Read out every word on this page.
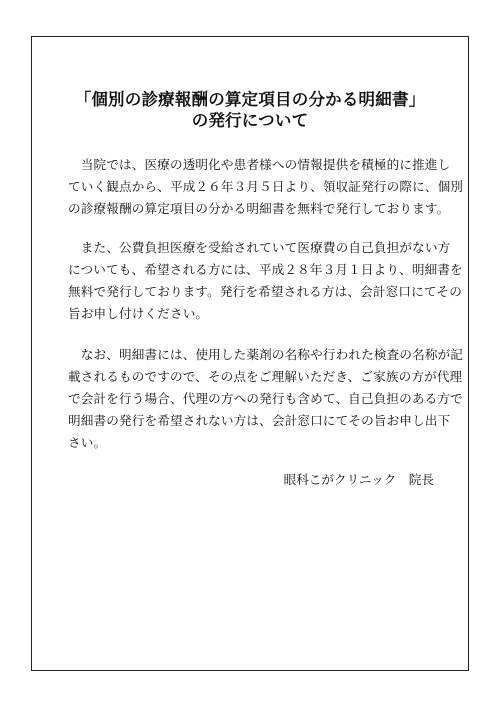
「個別の診療報酬の算定項目の分かる明細書」
の発行について
　当院では、医療の透明化や患者様への情報提供を積極的に推進し
ていく観点から、平成２６年３月５日より、領収証発行の際に、個別
の診療報酬の算定項目の分かる明細書を無料で発行しております。
　また、公費負担医療を受給されていて医療費の自己負担がない方
についても、希望される方には、平成２８年３月１日より、明細書を
無料で発行しております。発行を希望される方は、会計窓口にてその
旨お申し付けください。
　なお、明細書には、使用した薬剤の名称や行われた検査の名称が記
載されるものですので、その点をご理解いただき、ご家族の方が代理
で会計を行う場合、代理の方への発行も含めて、自己負担のある方で
明細書の発行を希望されない方は、会計窓口にてその旨お申し出下
さい。
眼科こがクリニック　院長
